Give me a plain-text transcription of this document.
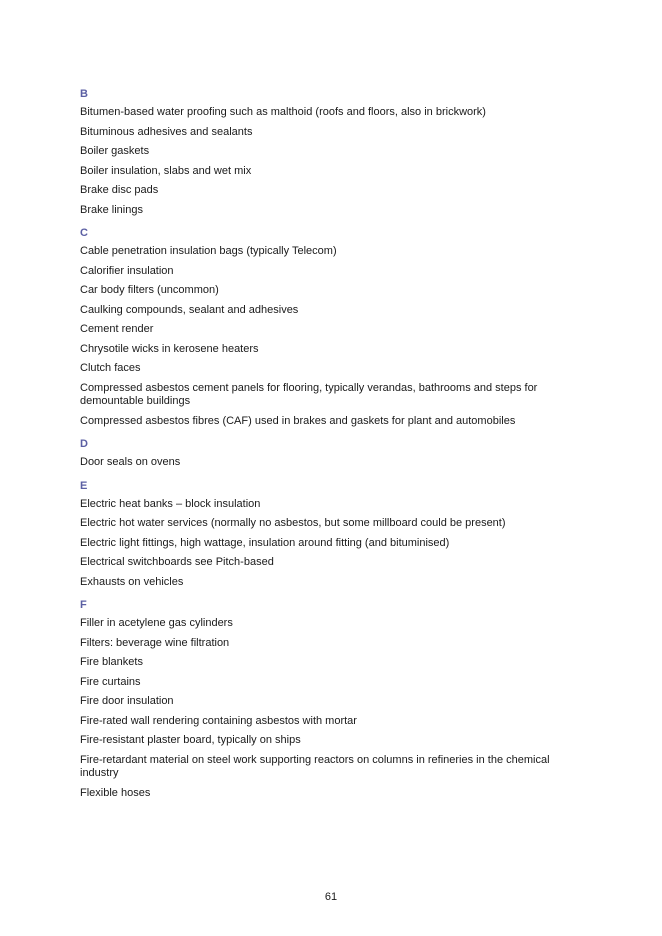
B
Bitumen-based water proofing such as malthoid (roofs and floors, also in brickwork)
Bituminous adhesives and sealants
Boiler gaskets
Boiler insulation, slabs and wet mix
Brake disc pads
Brake linings
C
Cable penetration insulation bags (typically Telecom)
Calorifier insulation
Car body filters (uncommon)
Caulking compounds, sealant and adhesives
Cement render
Chrysotile wicks in kerosene heaters
Clutch faces
Compressed asbestos cement panels for flooring, typically verandas, bathrooms and steps for demountable buildings
Compressed asbestos fibres (CAF) used in brakes and gaskets for plant and automobiles
D
Door seals on ovens
E
Electric heat banks – block insulation
Electric hot water services (normally no asbestos, but some millboard could be present)
Electric light fittings, high wattage, insulation around fitting (and bituminised)
Electrical switchboards see Pitch-based
Exhausts on vehicles
F
Filler in acetylene gas cylinders
Filters: beverage wine filtration
Fire blankets
Fire curtains
Fire door insulation
Fire-rated wall rendering containing asbestos with mortar
Fire-resistant plaster board, typically on ships
Fire-retardant material on steel work supporting reactors on columns in refineries in the chemical industry
Flexible hoses
61
